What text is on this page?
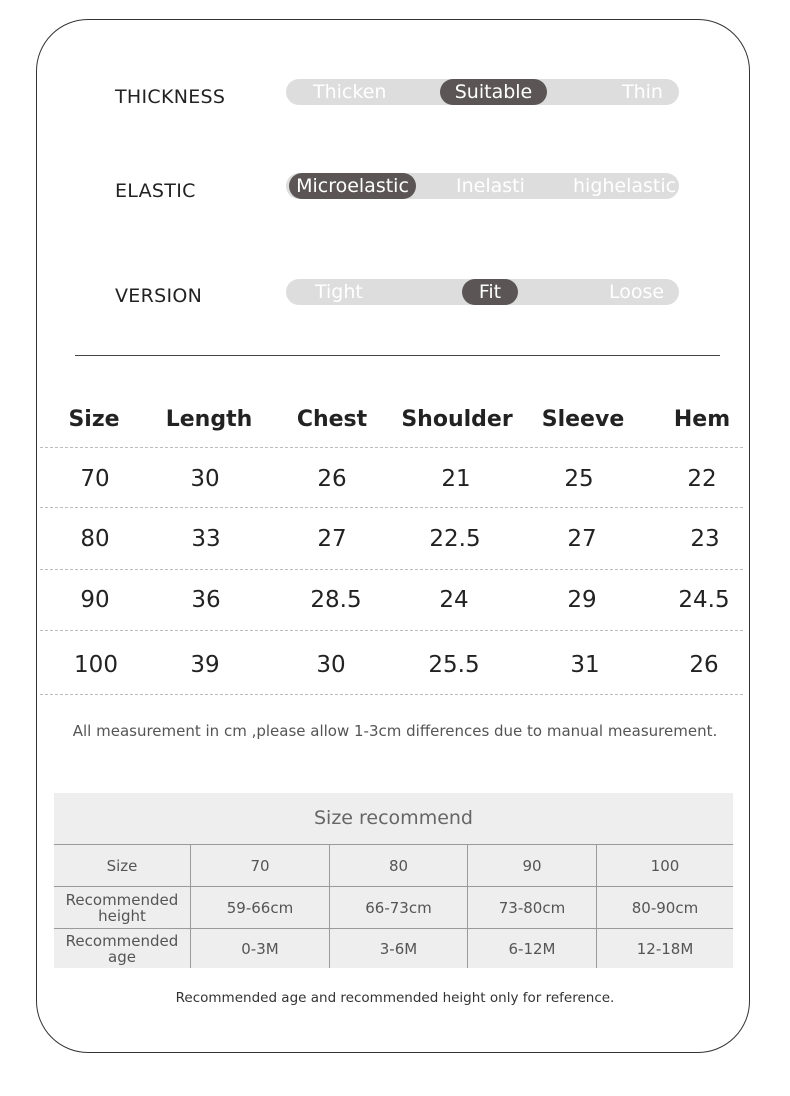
THICKNESS	Thicken	Suitable	Thin
ELASTIC	Microelastic	Inelasti	highelastic
VERSION	Tight	Fit	Loose
Size	Length	Chest	Shoulder	Sleeve	Hem
70	30	26	21	25	22
80	33	27	22.5	27	23
90	36	28.5	24	29	24.5
100	39	30	25.5	31	26
All measurement in cm ,please allow 1-3cm differences due to manual measurement.
Size recommend
Size	70	80	90	100
Recommended
height	59-66cm	66-73cm	73-80cm	80-90cm
Recommended
age	0-3M	3-6M	6-12M	12-18M
Recommended age and recommended height only for reference.
